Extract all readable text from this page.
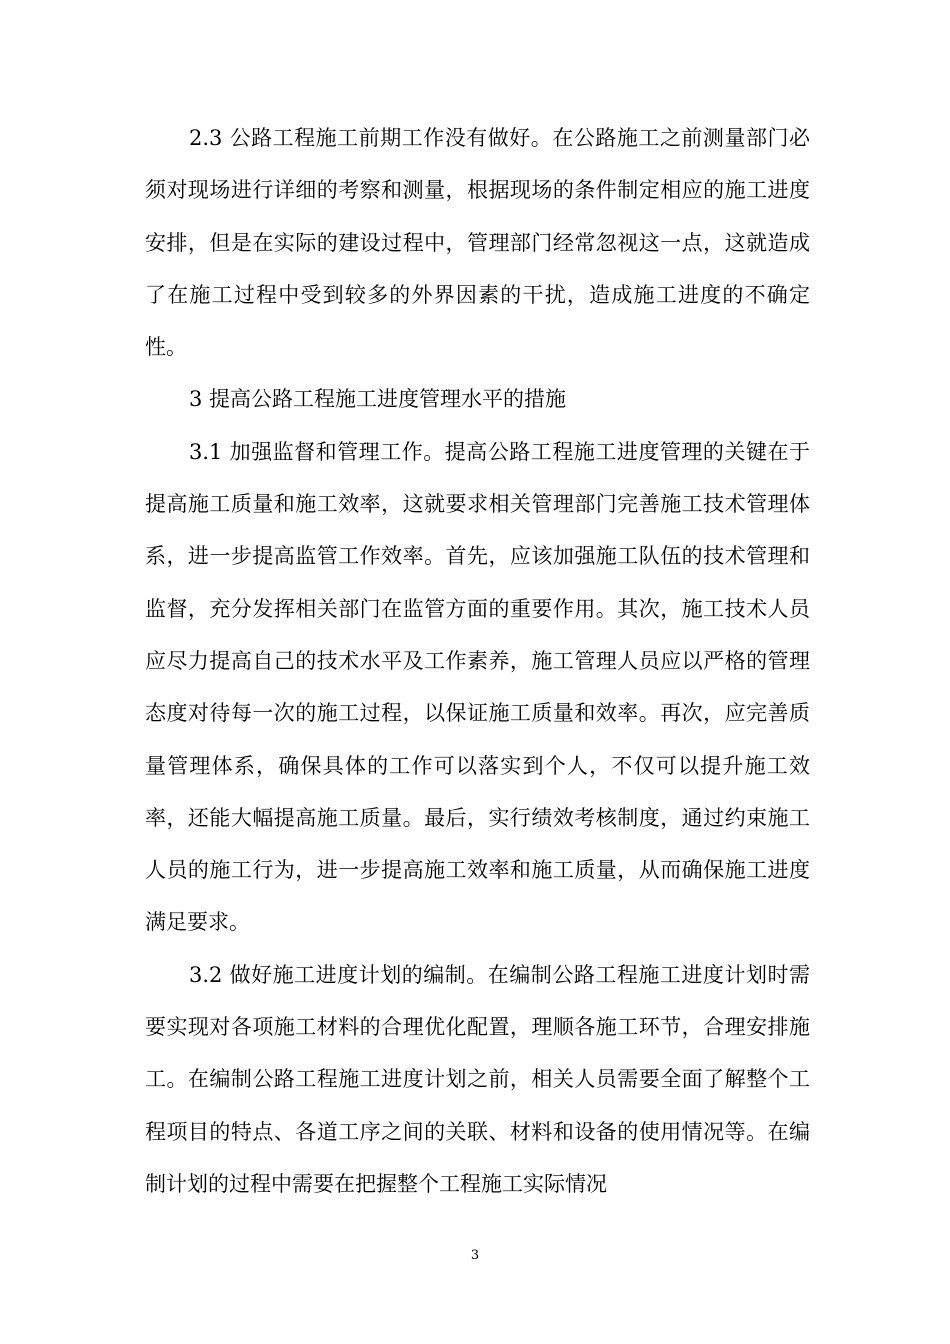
2.3 公路工程施工前期工作没有做好。在公路施工之前测量部门必须对现场进行详细的考察和测量，根据现场的条件制定相应的施工进度安排，但是在实际的建设过程中，管理部门经常忽视这一点，这就造成了在施工过程中受到较多的外界因素的干扰，造成施工进度的不确定性。

3 提高公路工程施工进度管理水平的措施

3.1 加强监督和管理工作。提高公路工程施工进度管理的关键在于提高施工质量和施工效率，这就要求相关管理部门完善施工技术管理体系，进一步提高监管工作效率。首先，应该加强施工队伍的技术管理和监督，充分发挥相关部门在监管方面的重要作用。其次，施工技术人员应尽力提高自己的技术水平及工作素养，施工管理人员应以严格的管理态度对待每一次的施工过程，以保证施工质量和效率。再次，应完善质量管理体系，确保具体的工作可以落实到个人，不仅可以提升施工效率，还能大幅提高施工质量。最后，实行绩效考核制度，通过约束施工人员的施工行为，进一步提高施工效率和施工质量，从而确保施工进度满足要求。

3.2 做好施工进度计划的编制。在编制公路工程施工进度计划时需要实现对各项施工材料的合理优化配置，理顺各施工环节，合理安排施工。在编制公路工程施工进度计划之前，相关人员需要全面了解整个工程项目的特点、各道工序之间的关联、材料和设备的使用情况等。在编制计划的过程中需要在把握整个工程施工实际情况

3
